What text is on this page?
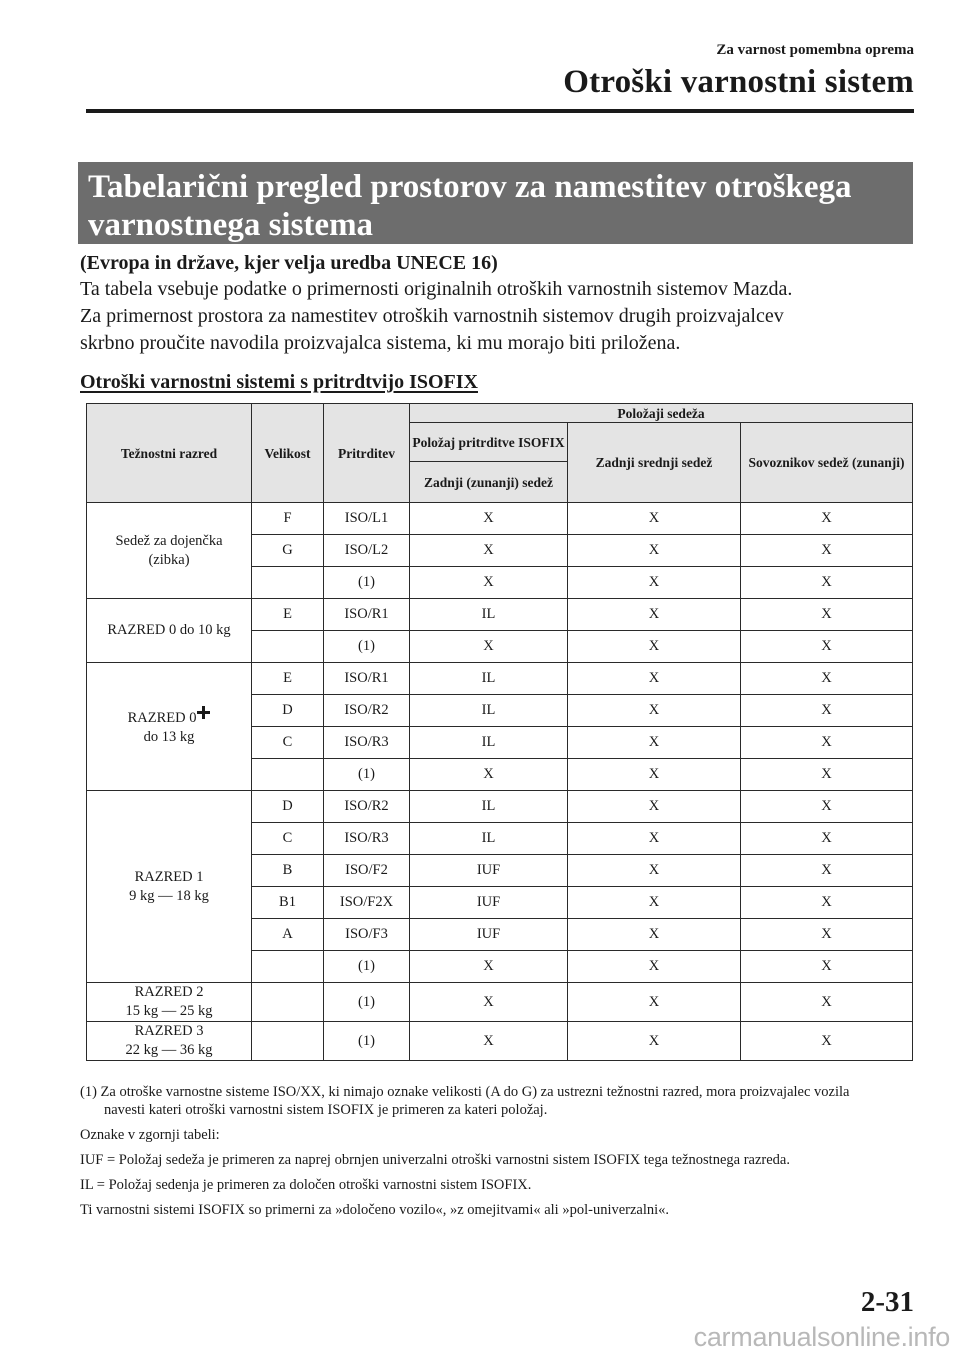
Za varnost pomembna oprema
Otroški varnostni sistem
Tabelarični pregled prostorov za namestitev otroškega
varnostnega sistema
(Evropa in države, kjer velja uredba UNECE 16)
Ta tabela vsebuje podatke o primernosti originalnih otroških varnostnih sistemov Mazda.
Za primernost prostora za namestitev otroških varnostnih sistemov drugih proizvajalcev
skrbno proučite navodila proizvajalca sistema, ki mu morajo biti priložena.
Otroški varnostni sistemi s pritrdtvijo ISOFIX
Težnostni razred	Velikost	Pritrditev	Položaji sedeža		
			Položaj pritrditve ISOFIX	Zadnji srednji sedež	Sovoznikov sedež (zunanji)
			Zadnji (zunanji) sedež		

Sedež za dojenčka
(zibka)	F	ISO/L1	X	X	X
	G	ISO/L2	X	X	X
		(1)	X	X	X

RAZRED 0 do 10 kg	E	ISO/R1	IL	X	X
		(1)	X	X	X

RAZRED 0
do 13 kg	E	ISO/R1	IL	X	X
	D	ISO/R2	IL	X	X
	C	ISO/R3	IL	X	X
		(1)	X	X	X

RAZRED 1
9 kg — 18 kg	D	ISO/R2	IL	X	X
	C	ISO/R3	IL	X	X
	B	ISO/F2	IUF	X	X
	B1	ISO/F2X	IUF	X	X
	A	ISO/F3	IUF	X	X
		(1)	X	X	X

RAZRED 2
15 kg — 25 kg		(1)	X	X	X

RAZRED 3
22 kg — 36 kg		(1)	X	X	X

(1) Za otroške varnostne sisteme ISO/XX, ki nimajo oznake velikosti (A do G) za ustrezni težnostni razred, mora proizvajalec vozila navesti kateri otroški varnostni sistem ISOFIX je primeren za kateri položaj.

Oznake v zgornji tabeli:

IUF = Položaj sedeža je primeren za naprej obrnjen univerzalni otroški varnostni sistem ISOFIX tega težnostnega razreda.

IL = Položaj sedenja je primeren za določen otroški varnostni sistem ISOFIX.

Ti varnostni sistemi ISOFIX so primerni za »določeno vozilo«, »z omejitvami« ali »pol-univerzalni«.

2-31
carmanualsonline.info
